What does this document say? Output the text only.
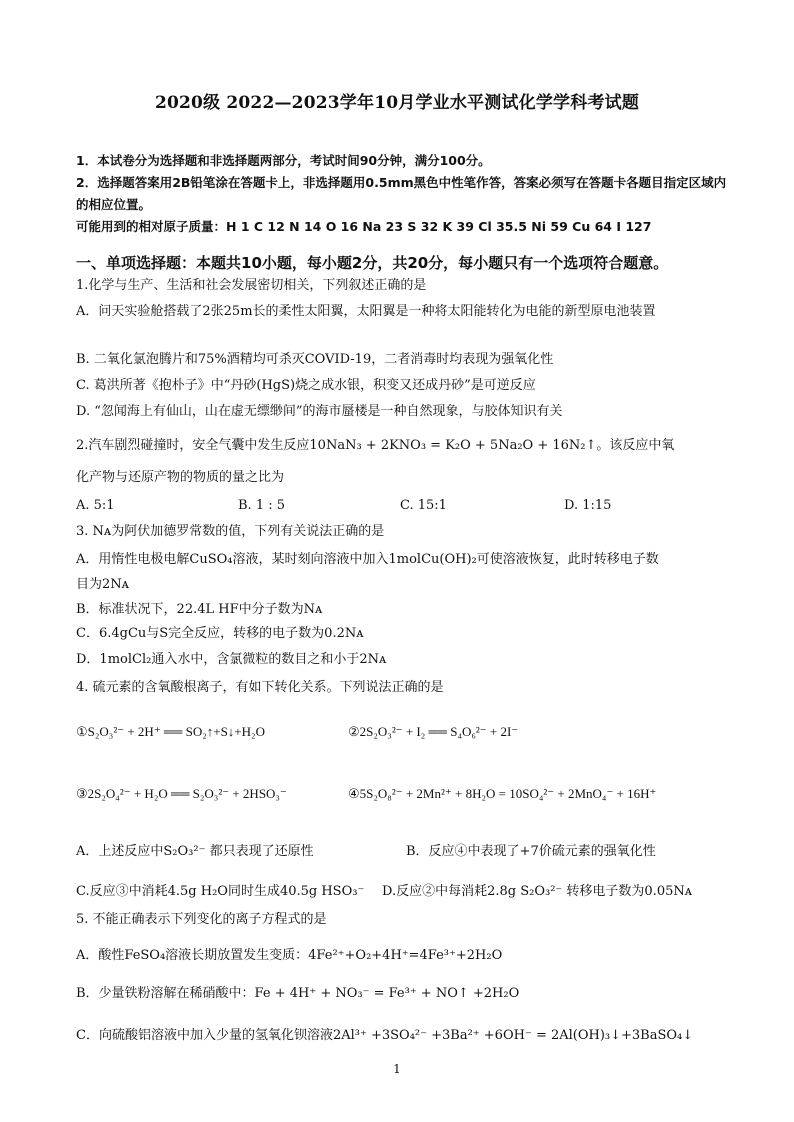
2020级 2022—2023学年10月学业水平测试化学学科考试题
1．本试卷分为选择题和非选择题两部分，考试时间90分钟，满分100分。
2．选择题答案用2B铅笔涂在答题卡上，非选择题用0.5mm黑色中性笔作答，答案必须写在答题卡各题目指定区域内的相应位置。
可能用到的相对原子质量：H 1 C 12 N 14 O 16 Na 23 S 32 K 39 Cl 35.5 Ni 59 Cu 64 I 127
一、单项选择题：本题共10小题，每小题2分，共20分，每小题只有一个选项符合题意。
1.化学与生产、生活和社会发展密切相关，下列叙述正确的是
A．问天实验舱搭载了2张25m长的柔性太阳翼，太阳翼是一种将太阳能转化为电能的新型原电池装置
B. 二氧化氯泡腾片和75%酒精均可杀灭COVID-19，二者消毒时均表现为强氧化性
C. 葛洪所著《抱朴子》中“丹砂(HgS)烧之成水银，积变又还成丹砂”是可逆反应
D. “忽闻海上有仙山，山在虚无缥缈间”的海市蜃楼是一种自然现象，与胶体知识有关
2.汽车剧烈碰撞时，安全气囊中发生反应10NaN₃ + 2KNO₃ = K₂O + 5Na₂O + 16N₂↑。该反应中氧
化产物与还原产物的物质的量之比为
A. 5:1	B. 1 : 5	C. 15:1	D. 1:15
3. Nᴀ为阿伏加德罗常数的值，下列有关说法正确的是
A．用惰性电极电解CuSO₄溶液，某时刻向溶液中加入1molCu(OH)₂可使溶液恢复，此时转移电子数
目为2Nᴀ
B．标准状况下，22.4L HF中分子数为Nᴀ
C．6.4gCu与S完全反应，转移的电子数为0.2Nᴀ
D．1molCl₂通入水中，含氯微粒的数目之和小于2Nᴀ
4. 硫元素的含氧酸根离子，有如下转化关系。下列说法正确的是
①S₂O₃²⁻ + 2H⁺ ══ SO₂↑+S↓+H₂O	②2S₂O₃²⁻ + I₂ ══ S₄O₆²⁻ + 2I⁻
③2S₂O₄²⁻ + H₂O ══ S₂O₃²⁻ + 2HSO₃⁻	④5S₂O₈²⁻ + 2Mn²⁺ + 8H₂O = 10SO₄²⁻ + 2MnO₄⁻ + 16H⁺
A．上述反应中S₂O₃²⁻ 都只表现了还原性	B．反应④中表现了+7价硫元素的强氧化性
C.反应③中消耗4.5g H₂O同时生成40.5g HSO₃⁻ D.反应②中每消耗2.8g S₂O₃²⁻ 转移电子数为0.05Nᴀ
5. 不能正确表示下列变化的离子方程式的是
A．酸性FeSO₄溶液长期放置发生变质：4Fe²⁺+O₂+4H⁺=4Fe³⁺+2H₂O
B．少量铁粉溶解在稀硝酸中：Fe + 4H⁺ + NO₃⁻ = Fe³⁺ + NO↑ +2H₂O
C．向硫酸铝溶液中加入少量的氢氧化钡溶液2Al³⁺ +3SO₄²⁻ +3Ba²⁺ +6OH⁻ = 2Al(OH)₃↓+3BaSO₄↓
1
